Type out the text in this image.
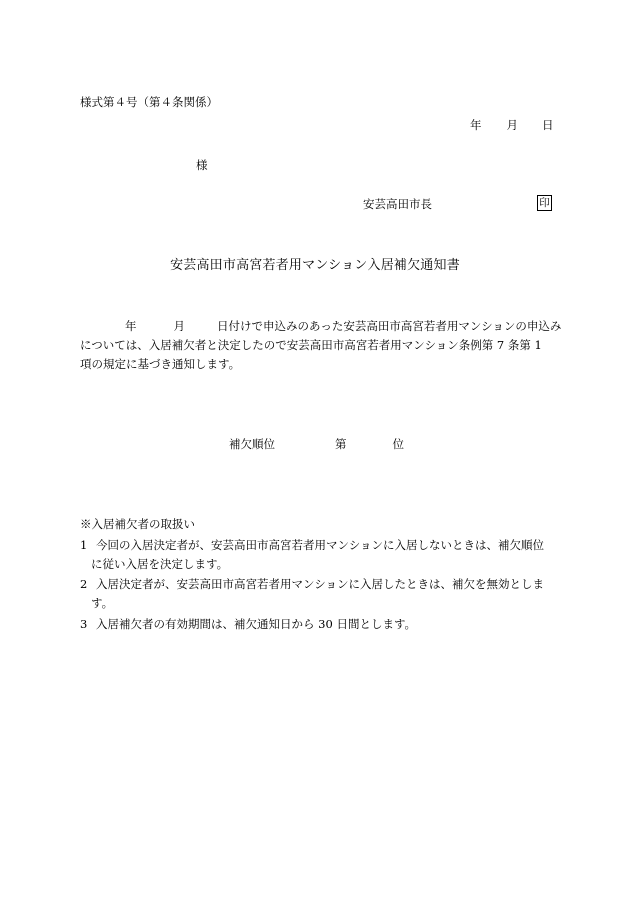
様式第４号（第４条関係）

年 月 日

様

安芸高田市長	印

安芸高田市高宮若者用マンション入居補欠通知書

年	月	日付けで申込みのあった安芸高田市高宮若者用マンションの申込み

については、入居補欠者と決定したので安芸高田市高宮若者用マンション条例第 7 条第 1

項の規定に基づき通知します。

補欠順位	第	位

※入居補欠者の取扱い

1 今回の入居決定者が、安芸高田市高宮若者用マンションに入居しないときは、補欠順位

に従い入居を決定します。

2 入居決定者が、安芸高田市高宮若者用マンションに入居したときは、補欠を無効としま

す。

3 入居補欠者の有効期間は、補欠通知日から 30 日間とします。
